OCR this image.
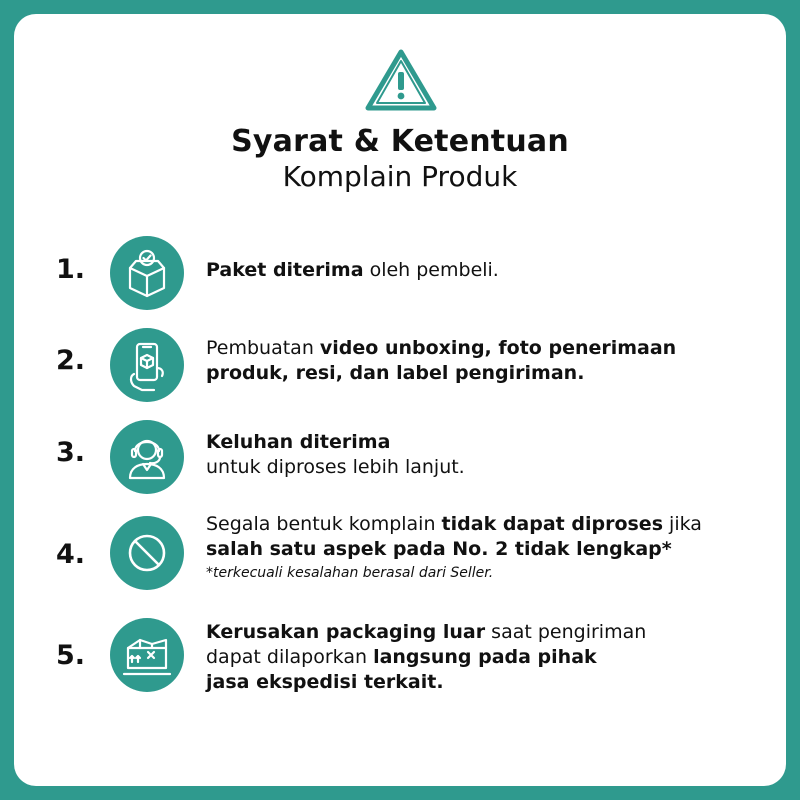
Syarat & Ketentuan
Komplain Produk
1.	Paket diterima oleh pembeli.
2.	Pembuatan video unboxing, foto penerimaan
produk, resi, dan label pengiriman.
3.	Keluhan diterima
untuk diproses lebih lanjut.
4.
Segala bentuk komplain tidak dapat diproses jika
salah satu aspek pada No. 2 tidak lengkap*
*terkecuali kesalahan berasal dari Seller.
5.
Kerusakan packaging luar saat pengiriman
dapat dilaporkan langsung pada pihak
jasa ekspedisi terkait.
